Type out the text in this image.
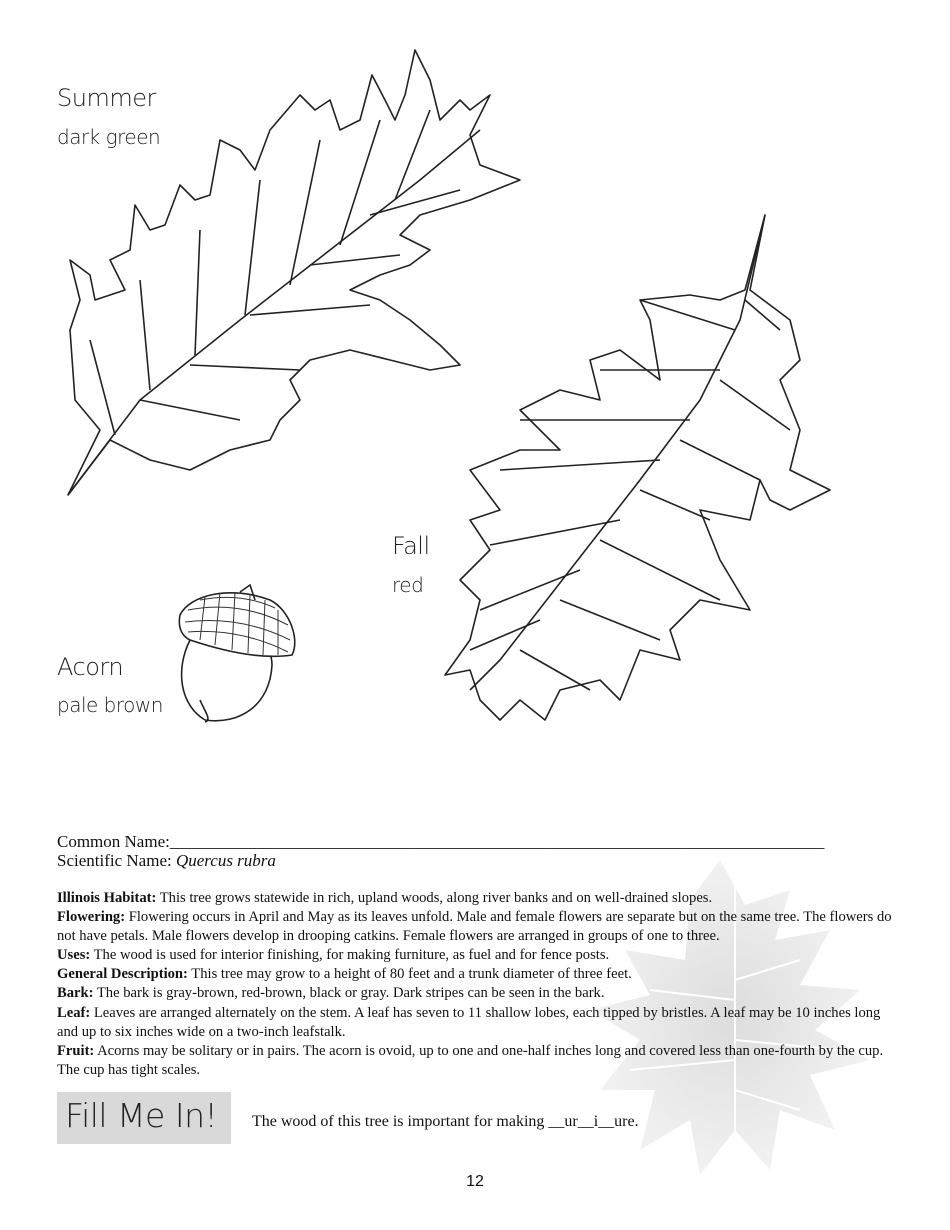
Summer
dark green
Fall
red
Acorn
pale brown
Common Name:_____________________________________________________________________________
Scientific Name: Quercus rubra
Illinois Habitat: This tree grows statewide in rich, upland woods, along river banks and on well-drained slopes.
Flowering: Flowering occurs in April and May as its leaves unfold. Male and female flowers are separate but on the same tree. The flowers do not have petals. Male flowers develop in drooping catkins. Female flowers are arranged in groups of one to three.
Uses: The wood is used for interior finishing, for making furniture, as fuel and for fence posts.
General Description: This tree may grow to a height of 80 feet and a trunk diameter of three feet.
Bark: The bark is gray-brown, red-brown, black or gray. Dark stripes can be seen in the bark.
Leaf: Leaves are arranged alternately on the stem. A leaf has seven to 11 shallow lobes, each tipped by bristles. A leaf may be 10 inches long and up to six inches wide on a two-inch leafstalk.
Fruit: Acorns may be solitary or in pairs. The acorn is ovoid, up to one and one-half inches long and covered less than one-fourth by the cup. The cup has tight scales.
Fill Me In! The wood of this tree is important for making __ur__i__ure.
12
